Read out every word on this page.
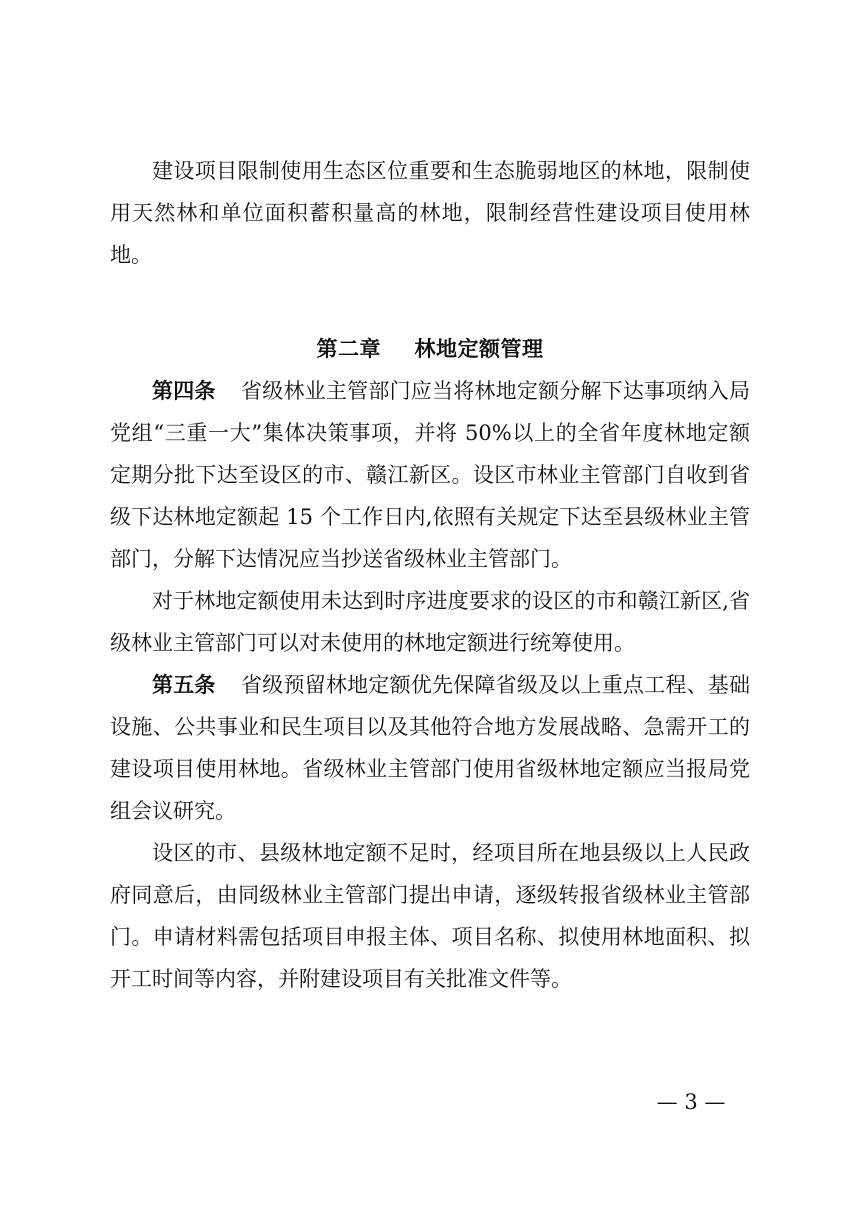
建设项目限制使用生态区位重要和生态脆弱地区的林地，限制使用天然林和单位面积蓄积量高的林地，限制经营性建设项目使用林地。

第二章 林地定额管理

第四条 省级林业主管部门应当将林地定额分解下达事项纳入局党组“三重一大”集体决策事项，并将 50%以上的全省年度林地定额定期分批下达至设区的市、赣江新区。设区市林业主管部门自收到省级下达林地定额起 15 个工作日内,依照有关规定下达至县级林业主管部门，分解下达情况应当抄送省级林业主管部门。

对于林地定额使用未达到时序进度要求的设区的市和赣江新区,省级林业主管部门可以对未使用的林地定额进行统筹使用。

第五条 省级预留林地定额优先保障省级及以上重点工程、基础设施、公共事业和民生项目以及其他符合地方发展战略、急需开工的建设项目使用林地。省级林业主管部门使用省级林地定额应当报局党组会议研究。

设区的市、县级林地定额不足时，经项目所在地县级以上人民政府同意后，由同级林业主管部门提出申请，逐级转报省级林业主管部门。申请材料需包括项目申报主体、项目名称、拟使用林地面积、拟开工时间等内容，并附建设项目有关批准文件等。

— 3 —
